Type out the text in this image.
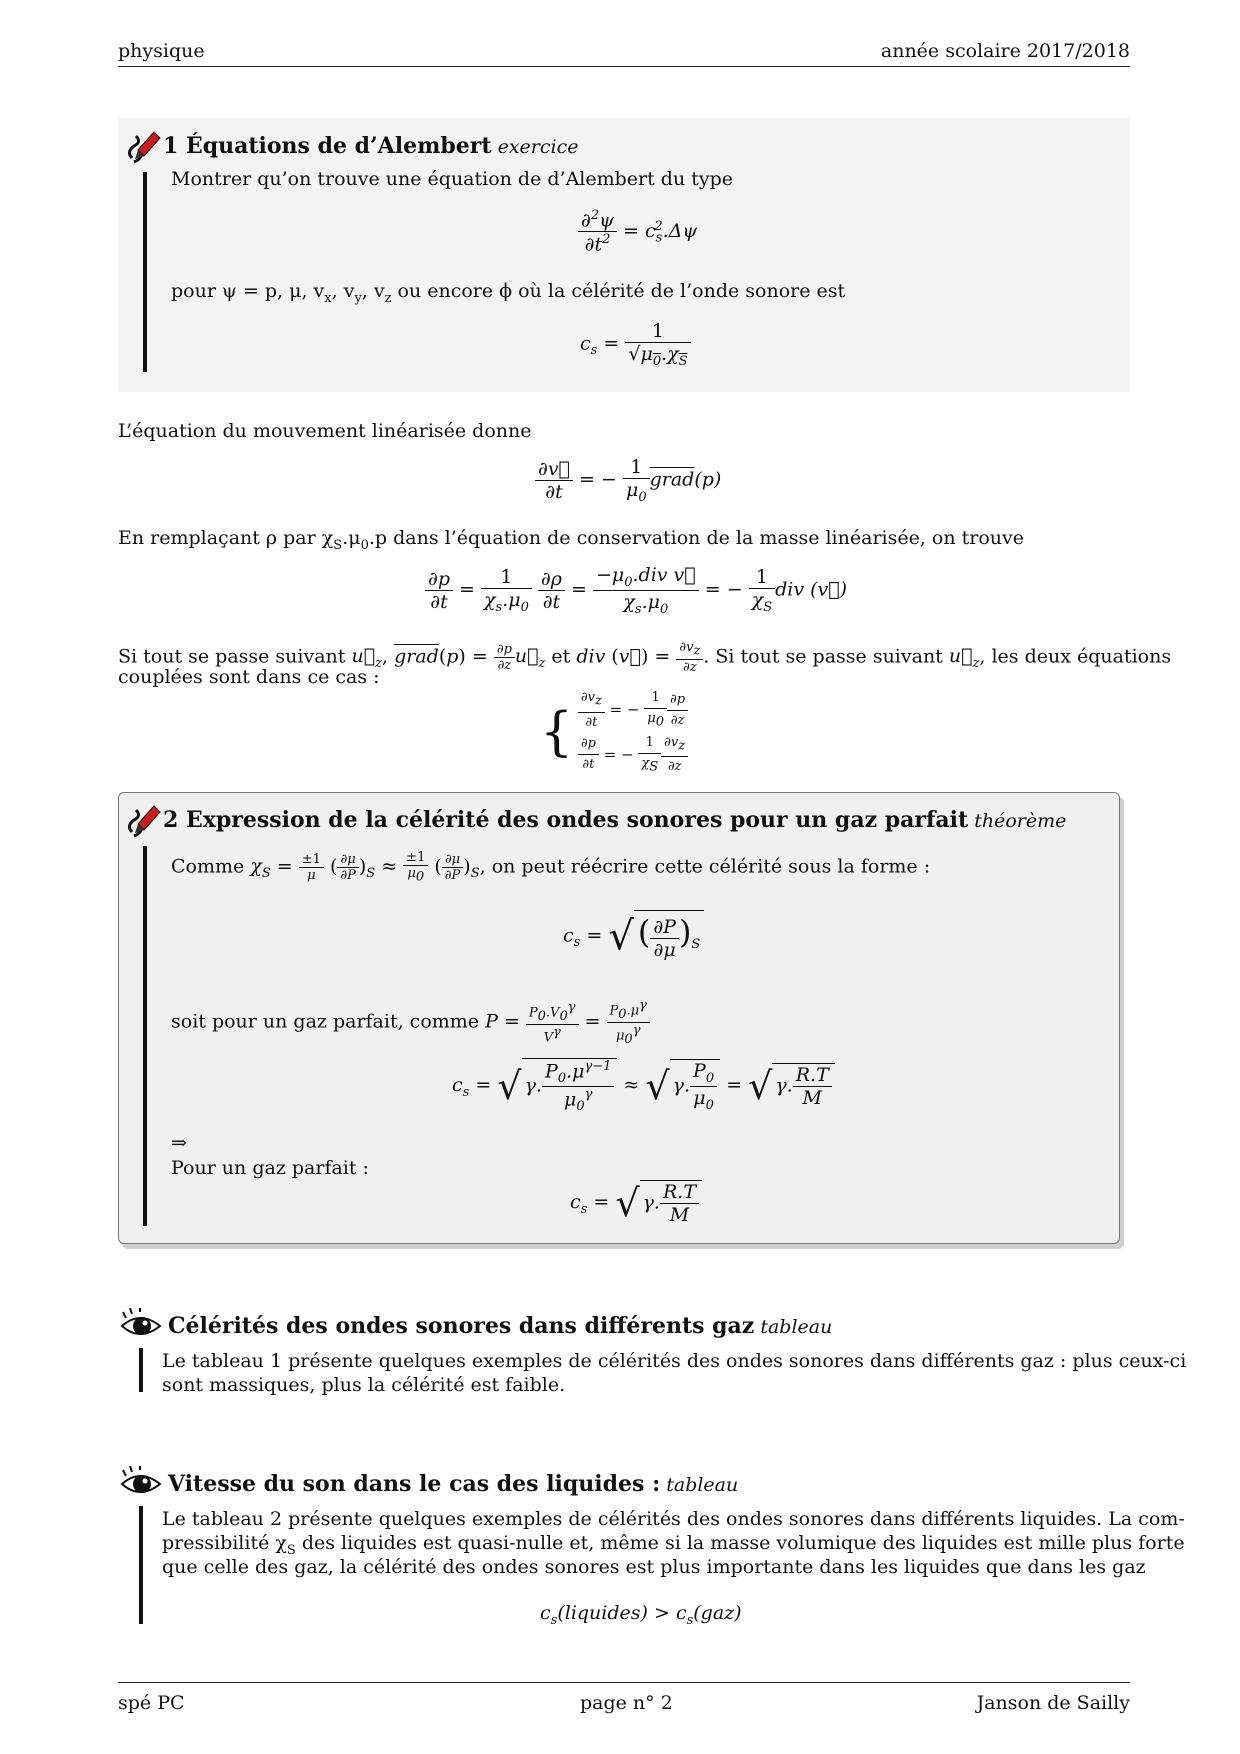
physique	année scolaire 2017/2018
1 Équations de d’Alembert exercice
Montrer qu’on trouve une équation de d’Alembert du type
$\frac{\partial^2\psi}{\partial t^2} = c_s^2.\Delta\psi$
pour ψ = p, μ, $v_x$, $v_y$, $v_z$ ou encore ϕ où la célérité de l’onde sonore est
$c_s = \frac{1}{√\mu_0.\chi_S}$
L’équation du mouvement linéarisée donne
$\frac{\partial v⃗}{\partial t}$ = − $\frac{1}{\mu_0}$ grad(p)
En remplaçant ρ par $\chi_S.\mu_0.p$ dans l’équation de conservation de la masse linéarisée, on trouve
$\frac{\partial p}{\partial t} = \frac{1}{\chi_s.\mu_0}$
$\frac{\partial\rho}{\partial t} = \frac{-\mu_0.div v⃗}{\chi_s.\mu_0}$ = − $\frac{1}{\chi_S}$ div (v⃗)
Si tout se passe suivant $u⃗_z$, grad(p) = $\frac{\partial p}{\partial z}$ $u⃗_z$ et div (v⃗) = $\frac{\partial v_z}{\partial z}$ . Si tout se passe suivant $u⃗_z$, les deux équations
couplées sont dans ce cas :
{ $\frac{\partial v_z}{\partial t}$ = − $\frac{1}{\mu_0} \frac{\partial p}{\partial z}$

$\frac{\partial p}{\partial t}$ = − $\frac{1}{\chi_S} \frac{\partial v_z}{\partial z}$
2 Expression de la célérité des ondes sonores pour un gaz parfait théorème
Comme $\chi_S = \frac{\pm 1}{\mu}$ ( $\frac{\partial\mu}{\partial P} )_S \approx \frac{\pm 1}{\mu_0}$ ( $\frac{\partial\mu}{\partial P} )_S$, on peut réécrire cette célérité sous la forme :
$c_s$ = √ ( $\frac{\partial P}{\partial\mu} )_S$
soit pour un gaz parfait, comme $P = \frac{P_0.V_0^\gamma}{V^\gamma} = \frac{P_0.\mu^\gamma}{\mu_0^\gamma}$
$c_s$ = √ γ. $\frac{P_0.\mu^{\gamma-1}}{\mu_0^\gamma}$ ≈ √ γ. $\frac{P_0}{\mu_0}$ = √ γ. $\frac{R.T}{M}$
⇒
Pour un gaz parfait :
$c_s$ = √ γ. $\frac{R.T}{M}$
Célérités des ondes sonores dans différents gaz tableau
Le tableau 1 présente quelques exemples de célérités des ondes sonores dans différents gaz : plus ceux-ci
sont massiques, plus la célérité est faible.
Vitesse du son dans le cas des liquides : tableau
Le tableau 2 présente quelques exemples de célérités des ondes sonores dans différents liquides. La com-
pressibilité $\chi_S$ des liquides est quasi-nulle et, même si la masse volumique des liquides est mille plus forte
que celle des gaz, la célérité des ondes sonores est plus importante dans les liquides que dans les gaz
$c_s(liquides) > c_s(gaz)$
spé PC	page n° 2	Janson de Sailly
